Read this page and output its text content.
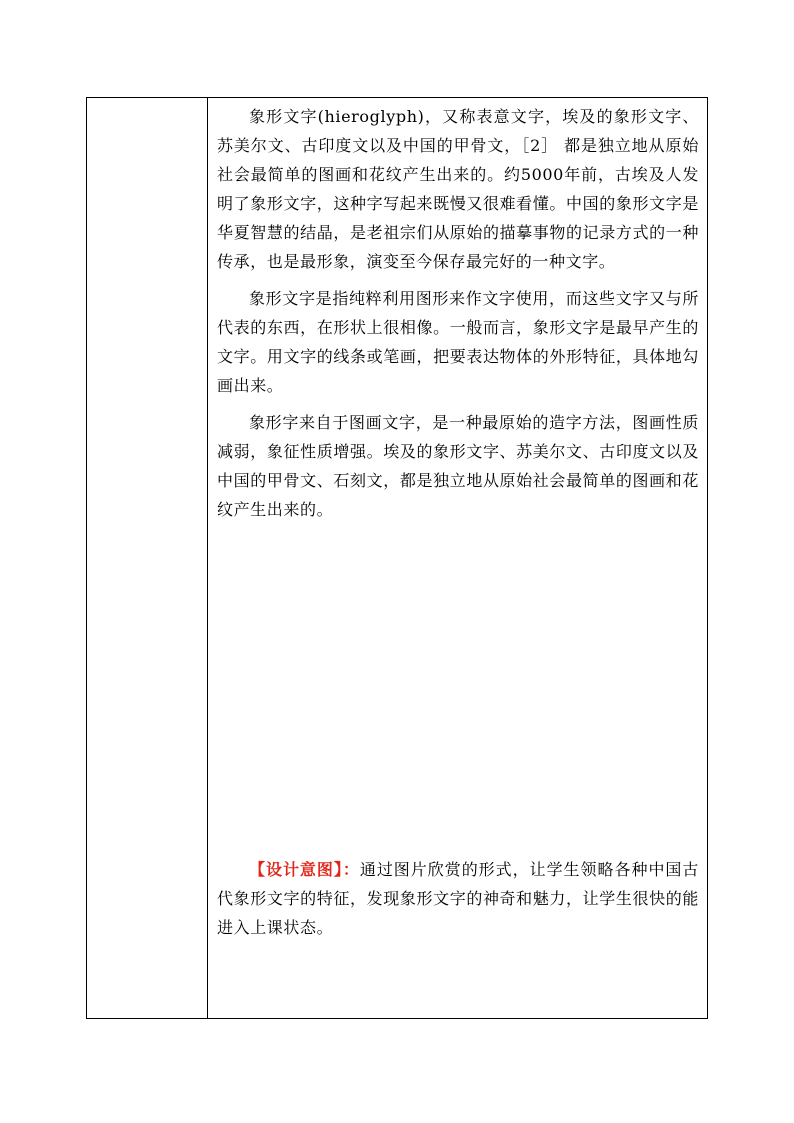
象形文字(hieroglyph)，又称表意文字，埃及的象形文字、苏美尔文、古印度文以及中国的甲骨文，［2］ 都是独立地从原始社会最简单的图画和花纹产生出来的。约5000年前，古埃及人发明了象形文字，这种字写起来既慢又很难看懂。中国的象形文字是华夏智慧的结晶，是老祖宗们从原始的描摹事物的记录方式的一种传承，也是最形象，演变至今保存最完好的一种文字。

象形文字是指纯粹利用图形来作文字使用，而这些文字又与所代表的东西，在形状上很相像。一般而言，象形文字是最早产生的文字。用文字的线条或笔画，把要表达物体的外形特征，具体地勾画出来。

象形字来自于图画文字，是一种最原始的造字方法，图画性质减弱，象征性质增强。埃及的象形文字、苏美尔文、古印度文以及中国的甲骨文、石刻文，都是独立地从原始社会最简单的图画和花纹产生出来的。

【设计意图】：通过图片欣赏的形式，让学生领略各种中国古代象形文字的特征，发现象形文字的神奇和魅力，让学生很快的能进入上课状态。
